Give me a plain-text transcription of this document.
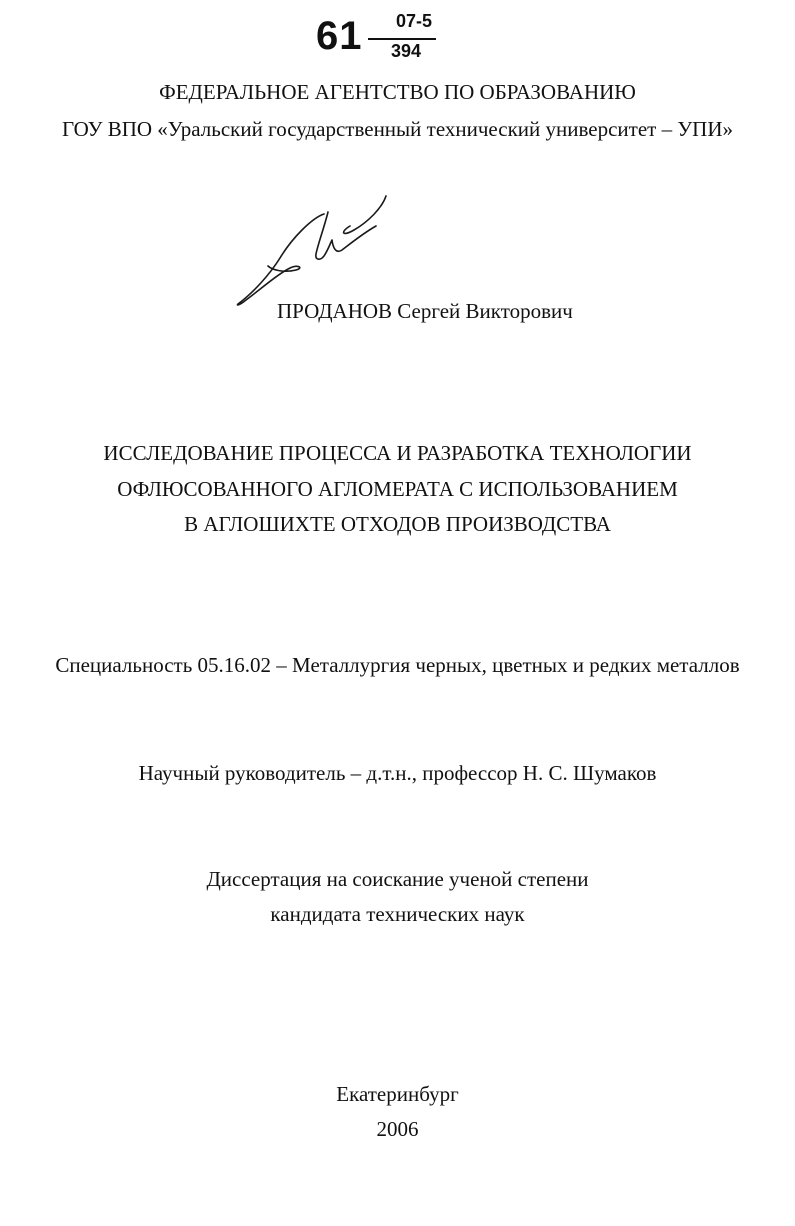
61	07-5
394
ФЕДЕРАЛЬНОЕ АГЕНТСТВО ПО ОБРАЗОВАНИЮ
ГОУ ВПО «Уральский государственный технический университет – УПИ»
ПРОДАНОВ Сергей Викторович
ИССЛЕДОВАНИЕ ПРОЦЕССА И РАЗРАБОТКА ТЕХНОЛОГИИ
ОФЛЮСОВАННОГО АГЛОМЕРАТА С ИСПОЛЬЗОВАНИЕМ
В АГЛОШИХТЕ ОТХОДОВ ПРОИЗВОДСТВА
Специальность 05.16.02 – Металлургия черных, цветных и редких металлов
Научный руководитель – д.т.н., профессор Н. С. Шумаков
Диссертация на соискание ученой степени
кандидата технических наук
Екатеринбург
2006
